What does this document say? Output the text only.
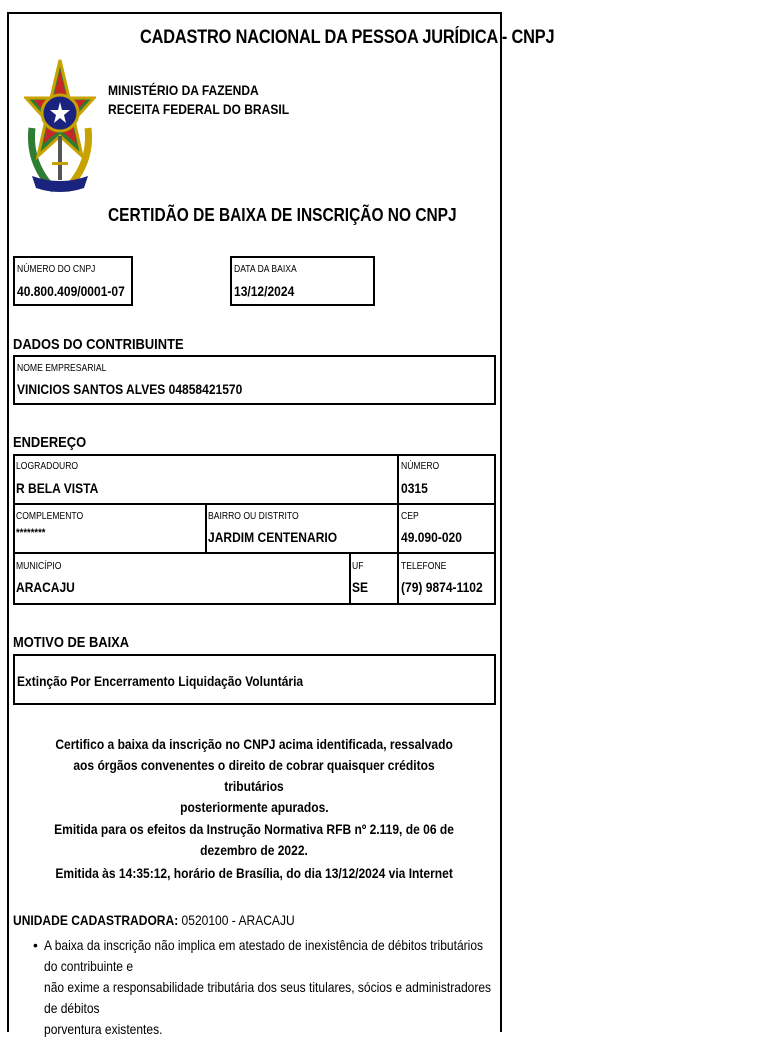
CADASTRO NACIONAL DA PESSOA JURÍDICA - CNPJ
MINISTÉRIO DA FAZENDA
RECEITA FEDERAL DO BRASIL
CERTIDÃO DE BAIXA DE INSCRIÇÃO NO CNPJ
NÚMERO DO CNPJ
40.800.409/0001-07
DATA DA BAIXA
13/12/2024
DADOS DO CONTRIBUINTE
NOME EMPRESARIAL
VINICIOS SANTOS ALVES 04858421570
ENDEREÇO
LOGRADOURO
R BELA VISTA
NÚMERO
0315
COMPLEMENTO
********
BAIRRO OU DISTRITO
JARDIM CENTENARIO
CEP
49.090-020
MUNICÍPIO
ARACAJU
UF
SE
TELEFONE
(79) 9874-1102
MOTIVO DE BAIXA
Extinção Por Encerramento Liquidação Voluntária
Certifico a baixa da inscrição no CNPJ acima identificada, ressalvado
aos órgãos convenentes o direito de cobrar quaisquer créditos tributários
posteriormente apurados.
Emitida para os efeitos da Instrução Normativa RFB nº 2.119, de 06 de dezembro de 2022.
Emitida às 14:35:12, horário de Brasília, do dia 13/12/2024 via Internet
UNIDADE CADASTRADORA: 0520100 - ARACAJU
• A baixa da inscrição não implica em atestado de inexistência de débitos tributários do contribuinte e
não exime a responsabilidade tributária dos seus titulares, sócios e administradores de débitos
porventura existentes.
